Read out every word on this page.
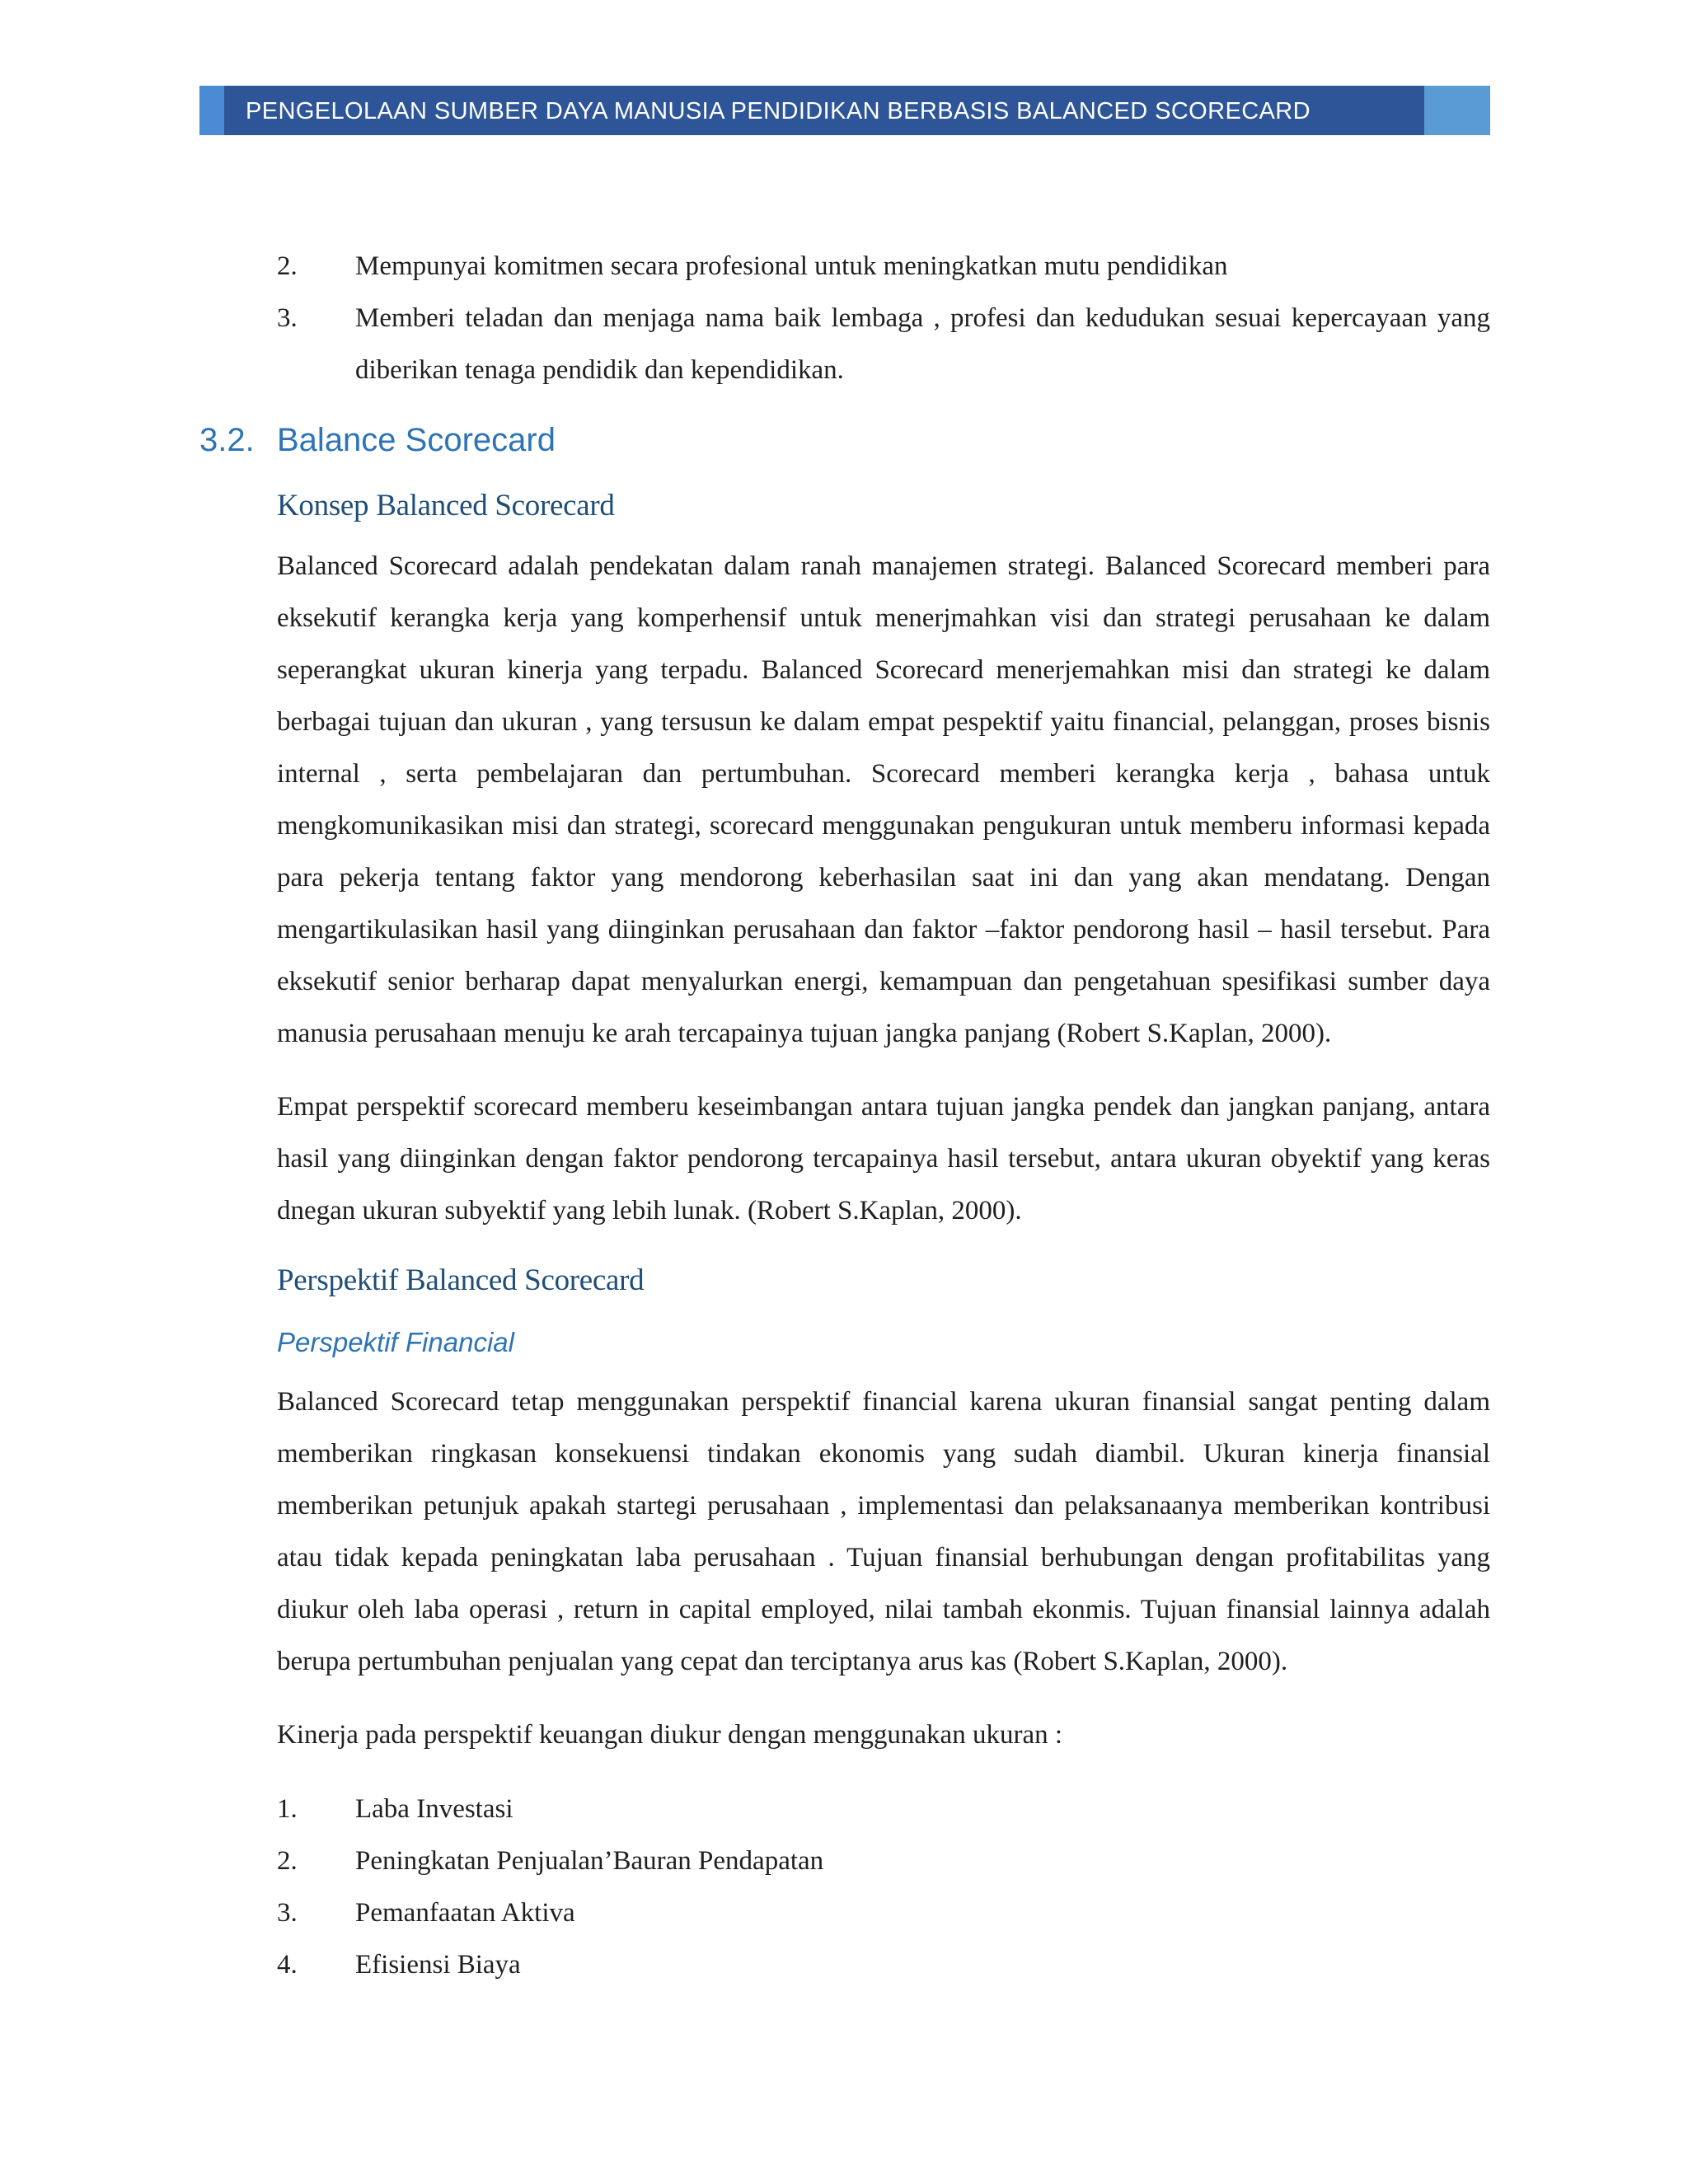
PENGELOLAAN SUMBER DAYA MANUSIA PENDIDIKAN BERBASIS BALANCED SCORECARD
2.	Mempunyai komitmen secara profesional untuk meningkatkan mutu pendidikan
3.	Memberi teladan dan menjaga nama baik lembaga , profesi dan kedudukan sesuai kepercayaan yang diberikan tenaga pendidik dan kependidikan.
3.2. Balance Scorecard
Konsep Balanced Scorecard

Balanced Scorecard adalah pendekatan dalam ranah manajemen strategi. Balanced Scorecard memberi para eksekutif kerangka kerja yang komperhensif untuk menerjmahkan visi dan strategi perusahaan ke dalam seperangkat ukuran kinerja yang terpadu. Balanced Scorecard menerjemahkan misi dan strategi ke dalam berbagai tujuan dan ukuran , yang tersusun ke dalam empat pespektif yaitu financial, pelanggan, proses bisnis internal , serta pembelajaran dan pertumbuhan. Scorecard memberi kerangka kerja , bahasa untuk mengkomunikasikan misi dan strategi, scorecard menggunakan pengukuran untuk memberu informasi kepada para pekerja tentang faktor yang mendorong keberhasilan saat ini dan yang akan mendatang. Dengan mengartikulasikan hasil yang diinginkan perusahaan dan faktor –faktor pendorong hasil – hasil tersebut. Para eksekutif senior berharap dapat menyalurkan energi, kemampuan dan pengetahuan spesifikasi sumber daya manusia perusahaan menuju ke arah tercapainya tujuan jangka panjang (Robert S.Kaplan, 2000).

Empat perspektif scorecard memberu keseimbangan antara tujuan jangka pendek dan jangkan panjang, antara hasil yang diinginkan dengan faktor pendorong tercapainya hasil tersebut, antara ukuran obyektif yang keras dnegan ukuran subyektif yang lebih lunak. (Robert S.Kaplan, 2000).

Perspektif Balanced Scorecard
Perspektif Financial

Balanced Scorecard tetap menggunakan perspektif financial karena ukuran finansial sangat penting dalam memberikan ringkasan konsekuensi tindakan ekonomis yang sudah diambil. Ukuran kinerja finansial memberikan petunjuk apakah startegi perusahaan , implementasi dan pelaksanaanya memberikan kontribusi atau tidak kepada peningkatan laba perusahaan . Tujuan finansial berhubungan dengan profitabilitas yang diukur oleh laba operasi , return in capital employed, nilai tambah ekonmis. Tujuan finansial lainnya adalah berupa pertumbuhan penjualan yang cepat dan terciptanya arus kas (Robert S.Kaplan, 2000).

Kinerja pada perspektif keuangan diukur dengan menggunakan ukuran :

1.	Laba Investasi
2.	Peningkatan Penjualan’Bauran Pendapatan
3.	Pemanfaatan Aktiva
4.	Efisiensi Biaya
